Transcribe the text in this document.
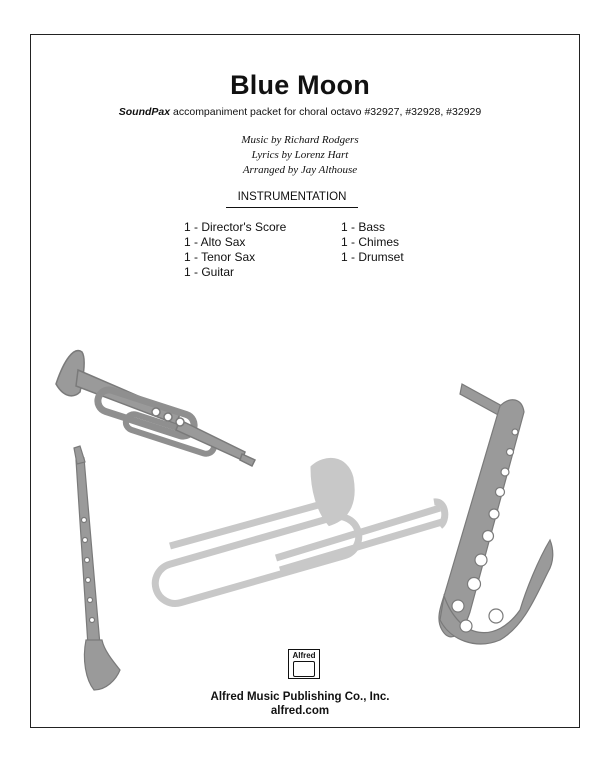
Blue Moon
SoundPax accompaniment packet for choral octavo #32927, #32928, #32929
Music by Richard Rodgers
Lyrics by Lorenz Hart
Arranged by Jay Althouse
INSTRUMENTATION
1 - Director's Score
1 - Alto Sax
1 - Tenor Sax
1 - Guitar
1 - Bass
1 - Chimes
1 - Drumset
Alfred
Alfred Music Publishing Co., Inc.
alfred.com
